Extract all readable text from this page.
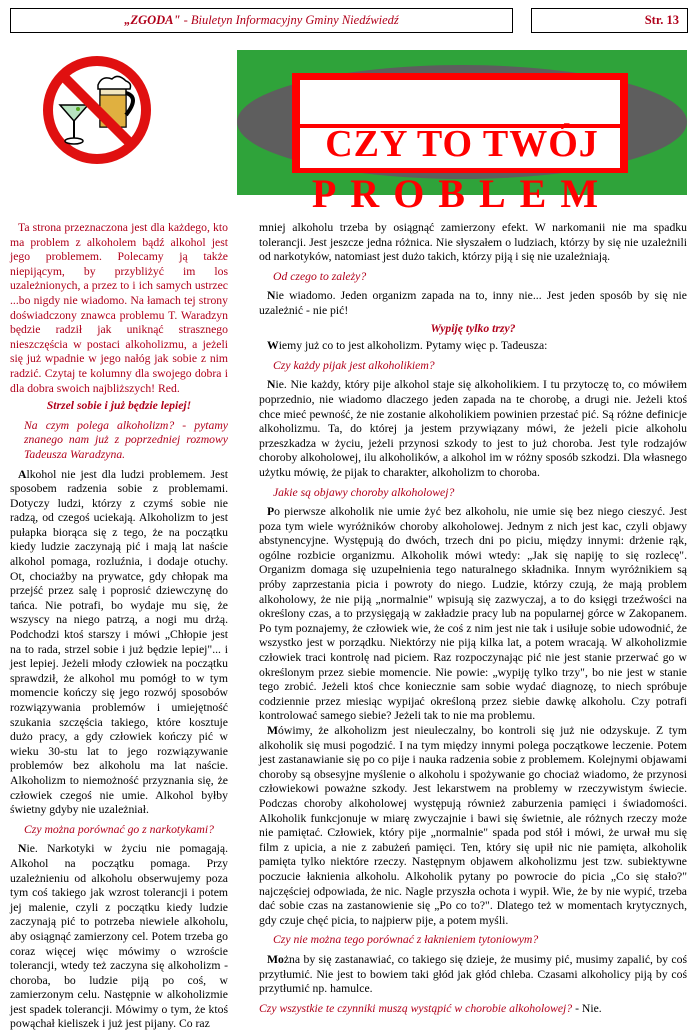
„ZGODA" - Biuletyn Informacyjny Gminy Niedźwiedź	Str. 13
CZY TO TWÓJ
PROBLEM

Ta strona przeznaczona jest dla każdego, kto ma problem z alkoholem bądź alkohol jest jego problemem. Polecamy ją także niepijącym, by przybliżyć im los uzależnionych, a przez to i ich samych ustrzec ...bo nigdy nie wiadomo. Na łamach tej strony doświadczony znawca problemu T. Waradzyn będzie radził jak uniknąć strasznego nieszczęścia w postaci alkoholizmu, a jeżeli się już wpadnie w jego nałóg jak sobie z nim radzić. Czytaj te kolumny dla swojego dobra i dla dobra swoich najbliższych! Red.

Strzel sobie i już będzie lepiej!

Na czym polega alkoholizm? - pytamy znanego nam już z poprzedniej rozmowy Tadeusza Waradzyna.

Alkohol nie jest dla ludzi problemem. Jest sposobem radzenia sobie z problemami. Dotyczy ludzi, którzy z czymś sobie nie radzą, od czegoś uciekają. Alkoholizm to jest pułapka biorąca się z tego, że na początku kiedy ludzie zaczynają pić i mają lat naście alkohol pomaga, rozluźnia, i dodaje otuchy. Ot, chociażby na prywatce, gdy chłopak ma przejść przez salę i poprosić dziewczynę do tańca. Nie potrafi, bo wydaje mu się, że wszyscy na niego patrzą, a nogi mu drżą. Podchodzi ktoś starszy i mówi „Chłopie jest na to rada, strzel sobie i już będzie lepiej"... i jest lepiej. Jeżeli młody człowiek na początku sprawdził, że alkohol mu pomógł to w tym momencie kończy się jego rozwój sposobów rozwiązywania problemów i umiejętność szukania szczęścia takiego, które kosztuje dużo pracy, a gdy człowiek kończy pić w wieku 30-stu lat to jego rozwiązywanie problemów bez alkoholu ma lat naście. Alkoholizm to niemożność przyznania się, że człowiek czegoś nie umie. Alkohol byłby świetny gdyby nie uzależniał.

Czy można porównać go z narkotykami?

Nie. Narkotyki w życiu nie pomagają. Alkohol na początku pomaga. Przy uzależnieniu od alkoholu obserwujemy poza tym coś takiego jak wzrost tolerancji i potem jej malenie, czyli z początku kiedy ludzie zaczynają pić to potrzeba niewiele alkoholu, aby osiągnąć zamierzony cel. Potem trzeba go coraz więcej więc mówimy o wzroście tolerancji, wtedy też zaczyna się alkoholizm - choroba, bo ludzie piją po coś, w zamierzonym celu. Następnie w alkoholizmie jest spadek tolerancji. Mówimy o tym, że ktoś powąchał kieliszek i już jest pijany. Co raz

mniej alkoholu trzeba by osiągnąć zamierzony efekt. W narkomanii nie ma spadku tolerancji. Jest jeszcze jedna różnica. Nie słyszałem o ludziach, którzy by się nie uzależnili od narkotyków, natomiast jest dużo takich, którzy piją i się nie uzależniają.

Od czego to zależy?

Nie wiadomo. Jeden organizm zapada na to, inny nie... Jest jeden sposób by się nie uzależnić - nie pić!

Wypiję tylko trzy?

Wiemy już co to jest alkoholizm. Pytamy więc p. Tadeusza:

Czy każdy pijak jest alkoholikiem?

Nie. Nie każdy, który pije alkohol staje się alkoholikiem. I tu przytoczę to, co mówiłem poprzednio, nie wiadomo dlaczego jeden zapada na te chorobę, a drugi nie. Jeżeli ktoś chce mieć pewność, że nie zostanie alkoholikiem powinien przestać pić. Są różne definicje alkoholizmu. Ta, do której ja jestem przywiązany mówi, że jeżeli picie alkoholu przeszkadza w życiu, jeżeli przynosi szkody to jest to już choroba. Jest tyle rodzajów choroby alkoholowej, ilu alkoholików, a alkohol im w różny sposób szkodzi. Dla własnego użytku mówię, że pijak to charakter, alkoholizm to choroba.

Jakie są objawy choroby alkoholowej?

Po pierwsze alkoholik nie umie żyć bez alkoholu, nie umie się bez niego cieszyć. Jest poza tym wiele wyróżników choroby alkoholowej. Jednym z nich jest kac, czyli objawy abstynencyjne. Występują do dwóch, trzech dni po piciu, między innymi: drżenie rąk, ogólne rozbicie organizmu. Alkoholik mówi wtedy: „Jak się napiję to się rozlecę". Organizm domaga się uzupełnienia tego naturalnego składnika. Innym wyróżnikiem są próby zaprzestania picia i powroty do niego. Ludzie, którzy czują, że mają problem alkoholowy, że nie piją „normalnie" wpisują się zazwyczaj, a to do księgi trzeźwości na określony czas, a to przysięgają w zakładzie pracy lub na popularnej górce w Zakopanem. Po tym poznajemy, że człowiek wie, że coś z nim jest nie tak i usiłuje sobie udowodnić, że wszystko jest w porządku. Niektórzy nie piją kilka lat, a potem wracają. W alkoholizmie człowiek traci kontrolę nad piciem. Raz rozpoczynając pić nie jest stanie przerwać go w określonym przez siebie momencie. Nie powie: „wypiję tylko trzy", bo nie jest w stanie tego zrobić. Jeżeli ktoś chce koniecznie sam sobie wydać diagnozę, to niech spróbuje codziennie przez miesiąc wypijać określoną przez siebie dawkę alkoholu. Czy potrafi kontrolować samego siebie? Jeżeli tak to nie ma problemu.

Mówimy, że alkoholizm jest nieuleczalny, bo kontroli się już nie odzyskuje. Z tym alkoholik się musi pogodzić. I na tym między innymi polega początkowe leczenie. Potem jest zastanawianie się po co pije i nauka radzenia sobie z problemem. Kolejnymi objawami choroby są obsesyjne myślenie o alkoholu i spożywanie go chociaż wiadomo, że przynosi człowiekowi poważne szkody. Jest lekarstwem na problemy w rzeczywistym świecie. Podczas choroby alkoholowej występują również zaburzenia pamięci i świadomości. Alkoholik funkcjonuje w miarę zwyczajnie i bawi się świetnie, ale różnych rzeczy może nie pamiętać. Człowiek, który pije „normalnie" spada pod stół i mówi, że urwał mu się film z upicia, a nie z zabużeń pamięci. Ten, który się upił nic nie pamięta, alkoholik pamięta tylko niektóre rzeczy. Następnym objawem alkoholizmu jest tzw. subiektywne poczucie łaknienia alkoholu. Alkoholik pytany po powrocie do picia „Co się stało?" najczęściej odpowiada, że nic. Nagle przyszła ochota i wypił. Wie, że by nie wypić, trzeba dać sobie czas na zastanowienie się „Po co to?". Dlatego też w momentach krytycznych, gdy czuje chęć picia, to najpierw pije, a potem myśli.

Czy nie można tego porównać z łaknieniem tytoniowym?

Można by się zastanawiać, co takiego się dzieje, że musimy pić, musimy zapalić, by coś przytłumić. Nie jest to bowiem taki głód jak głód chleba. Czasami alkoholicy piją by coś przytłumić np. hamulce.

Czy wszystkie te czynniki muszą wystąpić w chorobie alkoholowej? - Nie.
